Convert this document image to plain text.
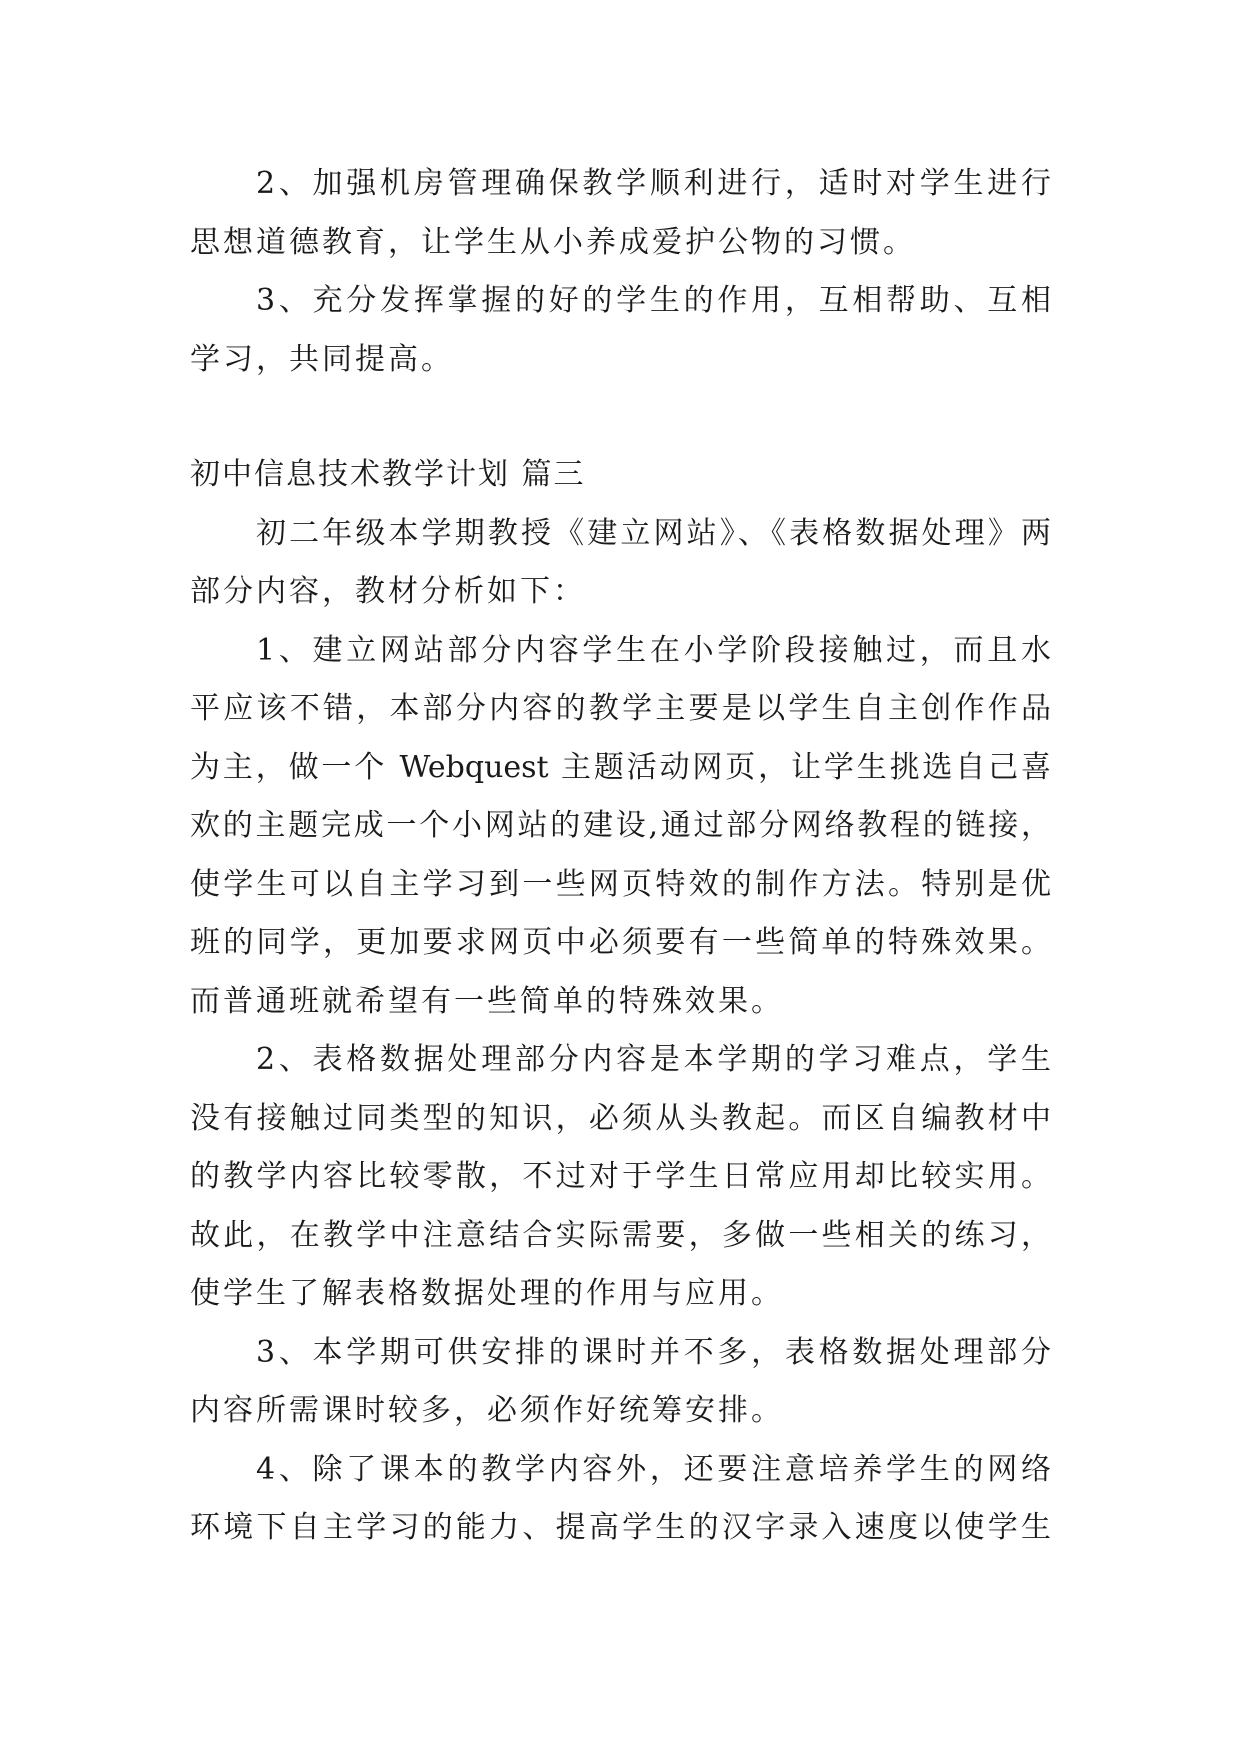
2、加强机房管理确保教学顺利进行，适时对学生进行
思想道德教育，让学生从小养成爱护公物的习惯。
3、充分发挥掌握的好的学生的作用，互相帮助、互相
学习，共同提高。
初中信息技术教学计划 篇三
初二年级本学期教授《建立网站》、《表格数据处理》两
部分内容，教材分析如下：
1、建立网站部分内容学生在小学阶段接触过，而且水
平应该不错，本部分内容的教学主要是以学生自主创作作品
为主，做一个 Webquest 主题活动网页，让学生挑选自己喜
欢的主题完成一个小网站的建设,通过部分网络教程的链接，
使学生可以自主学习到一些网页特效的制作方法。特别是优
班的同学，更加要求网页中必须要有一些简单的特殊效果。
而普通班就希望有一些简单的特殊效果。
2、表格数据处理部分内容是本学期的学习难点，学生
没有接触过同类型的知识，必须从头教起。而区自编教材中
的教学内容比较零散，不过对于学生日常应用却比较实用。
故此，在教学中注意结合实际需要，多做一些相关的练习，
使学生了解表格数据处理的作用与应用。
3、本学期可供安排的课时并不多，表格数据处理部分
内容所需课时较多，必须作好统筹安排。
4、除了课本的教学内容外，还要注意培养学生的网络
环境下自主学习的能力、提高学生的汉字录入速度以使学生
